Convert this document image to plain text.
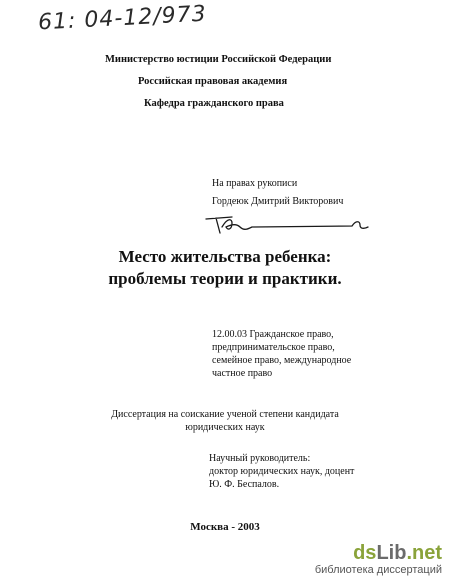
61: 04-12/973
Министерство юстиции Российской Федерации
Российская правовая академия
Кафедра гражданского права
На правах рукописи
Гордеюк Дмитрий Викторович
Место жительства ребенка:
проблемы теории и практики.
12.00.03 Гражданское право,
предпринимательское право,
семейное право, международное
частное право
Диссертация на соискание ученой степени кандидата
юридических наук
Научный руководитель:
доктор юридических наук, доцент
Ю. Ф. Беспалов.
Москва - 2003
dsLib.net
библиотека диссертаций
